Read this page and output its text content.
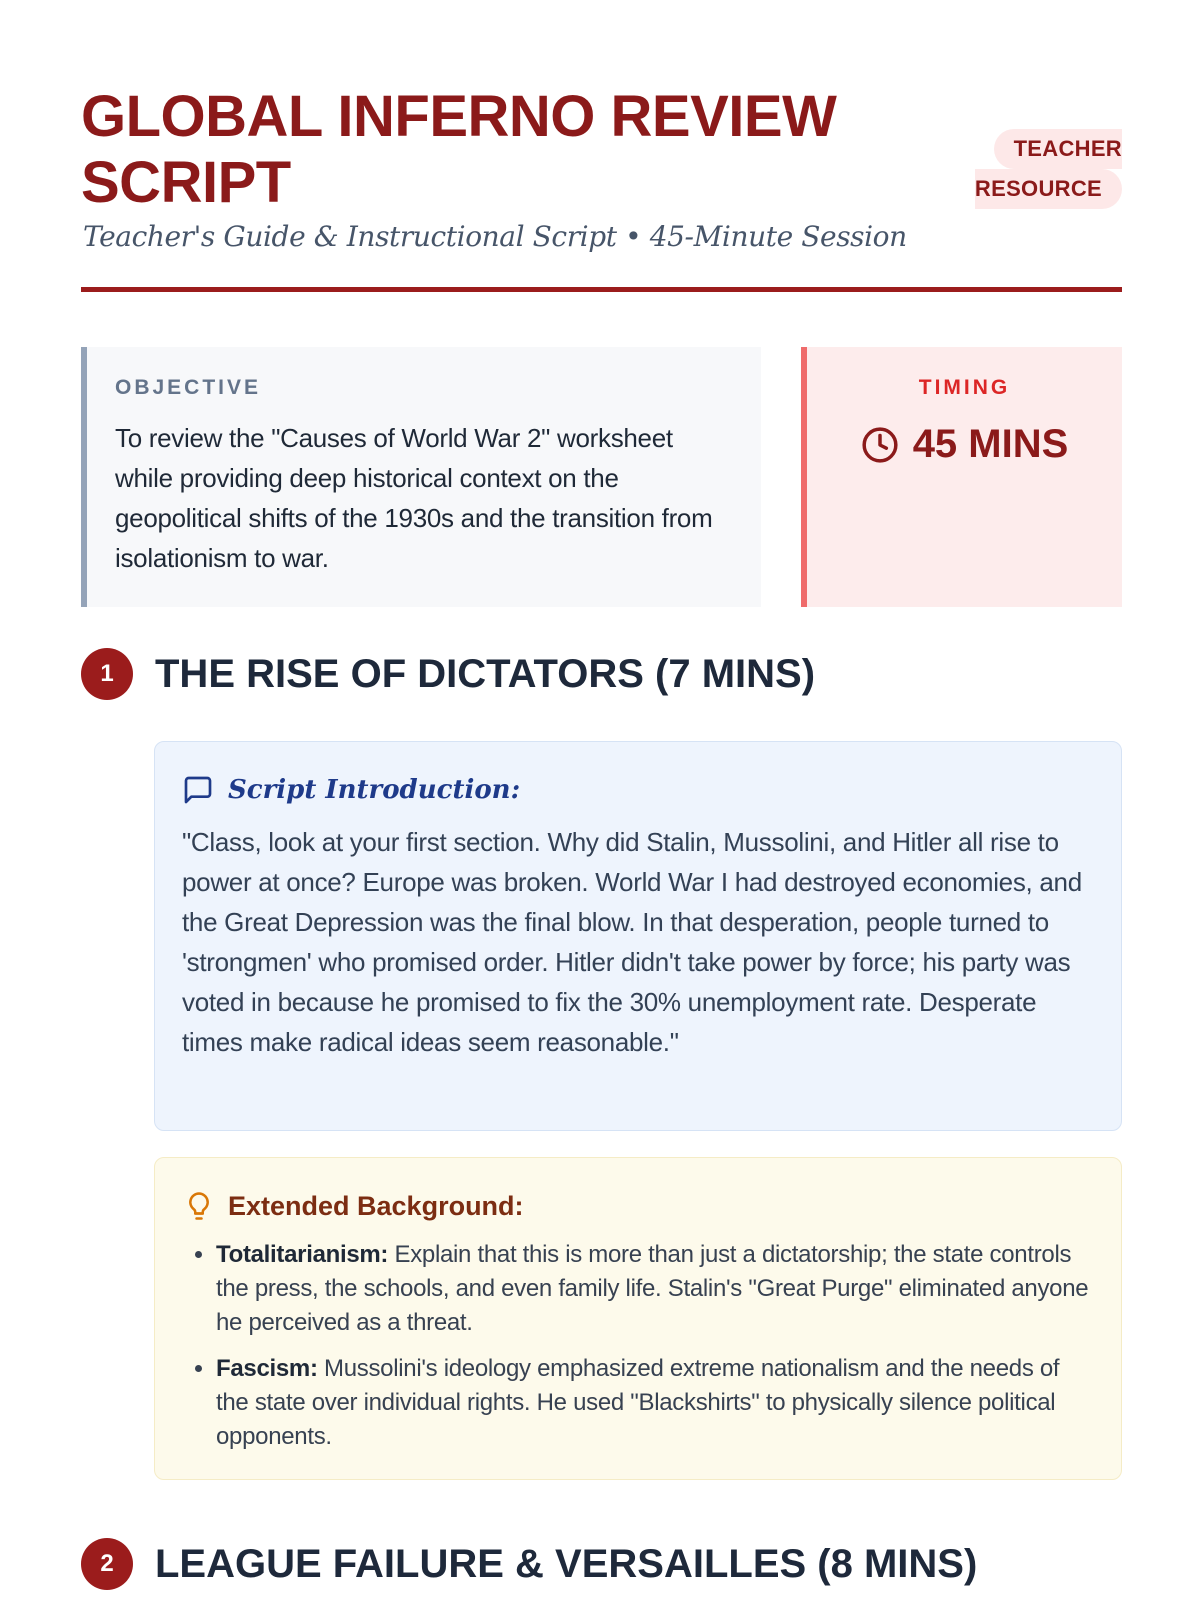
GLOBAL INFERNO REVIEW SCRIPT
TEACHER
RESOURCE

Teacher's Guide & Instructional Script • 45-Minute Session

OBJECTIVE

To review the "Causes of World War 2" worksheet while providing deep historical context on the geopolitical shifts of the 1930s and the transition from isolationism to war.

TIMING
45 MINS
1	THE RISE OF DICTATORS (7 MINS)
Script Introduction:

"Class, look at your first section. Why did Stalin, Mussolini, and Hitler all rise to power at once? Europe was broken. World War I had destroyed economies, and the Great Depression was the final blow. In that desperation, people turned to 'strongmen' who promised order. Hitler didn't take power by force; his party was voted in because he promised to fix the 30% unemployment rate. Desperate times make radical ideas seem reasonable."

Extended Background:
• Totalitarianism: Explain that this is more than just a dictatorship; the state controls the press, the schools, and even family life. Stalin's "Great Purge" eliminated anyone he perceived as a threat.
• Fascism: Mussolini's ideology emphasized extreme nationalism and the needs of the state over individual rights. He used "Blackshirts" to physically silence political opponents.
2	LEAGUE FAILURE & VERSAILLES (8 MINS)
